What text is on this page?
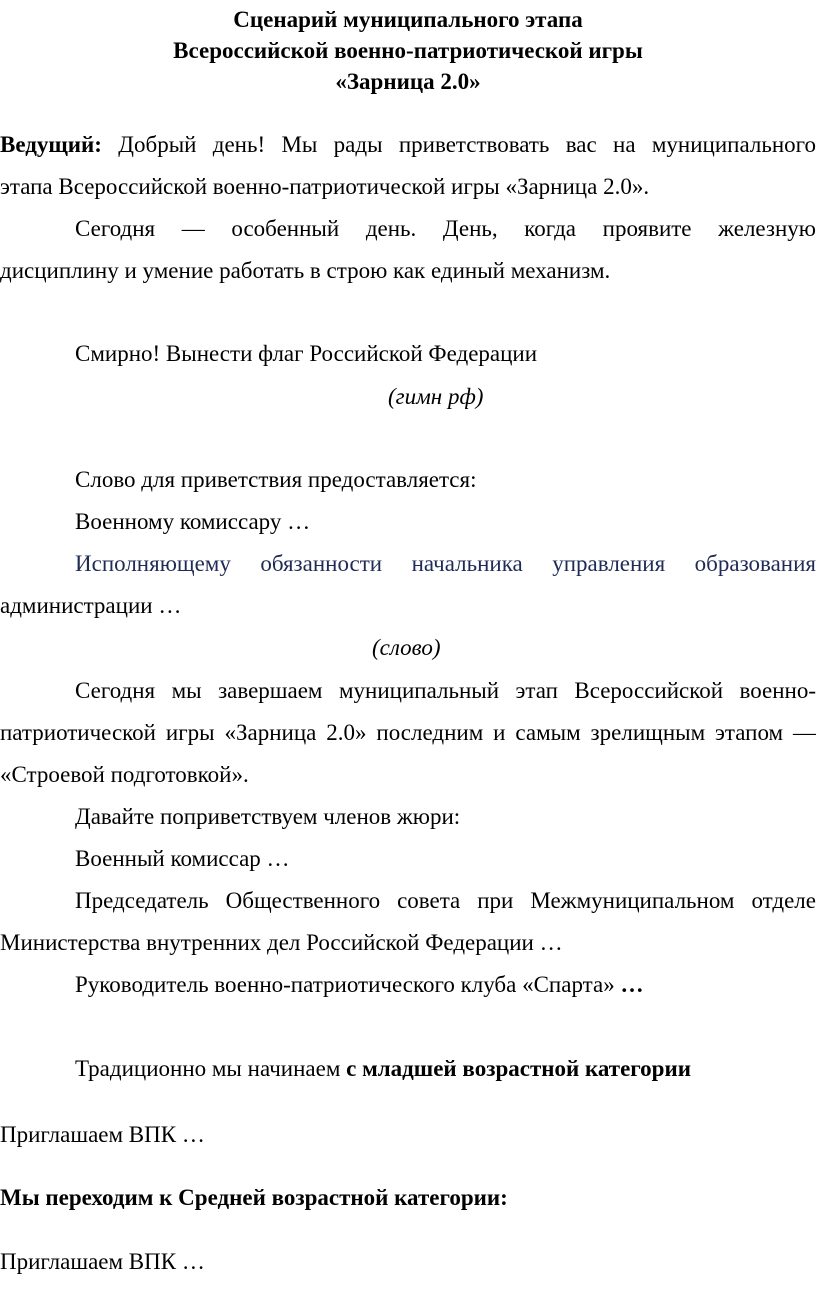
Сценарий муниципального этапа
Всероссийской военно-патриотической игры
«Зарница 2.0»
Ведущий: Добрый день! Мы рады приветствовать вас на муниципального
этапа Всероссийской военно-патриотической игры «Зарница 2.0».
Сегодня — особенный день. День, когда проявите железную
дисциплину и умение работать в строю как единый механизм.
Смирно! Вынести флаг Российской Федерации
(гимн рф)
Слово для приветствия предоставляется:
Военному комиссару …
Исполняющему обязанности начальника управления образования
администрации …
(слово)
Сегодня мы завершаем муниципальный этап Всероссийской военно-
патриотической игры «Зарница 2.0» последним и самым зрелищным этапом —
«Строевой подготовкой».
Давайте поприветствуем членов жюри:
Военный комиссар …
Председатель Общественного совета при Межмуниципальном отделе
Министерства внутренних дел Российской Федерации …
Руководитель военно-патриотического клуба «Спарта» …
Традиционно мы начинаем с младшей возрастной категории
Приглашаем ВПК …
Мы переходим к Средней возрастной категории:
Приглашаем ВПК …
